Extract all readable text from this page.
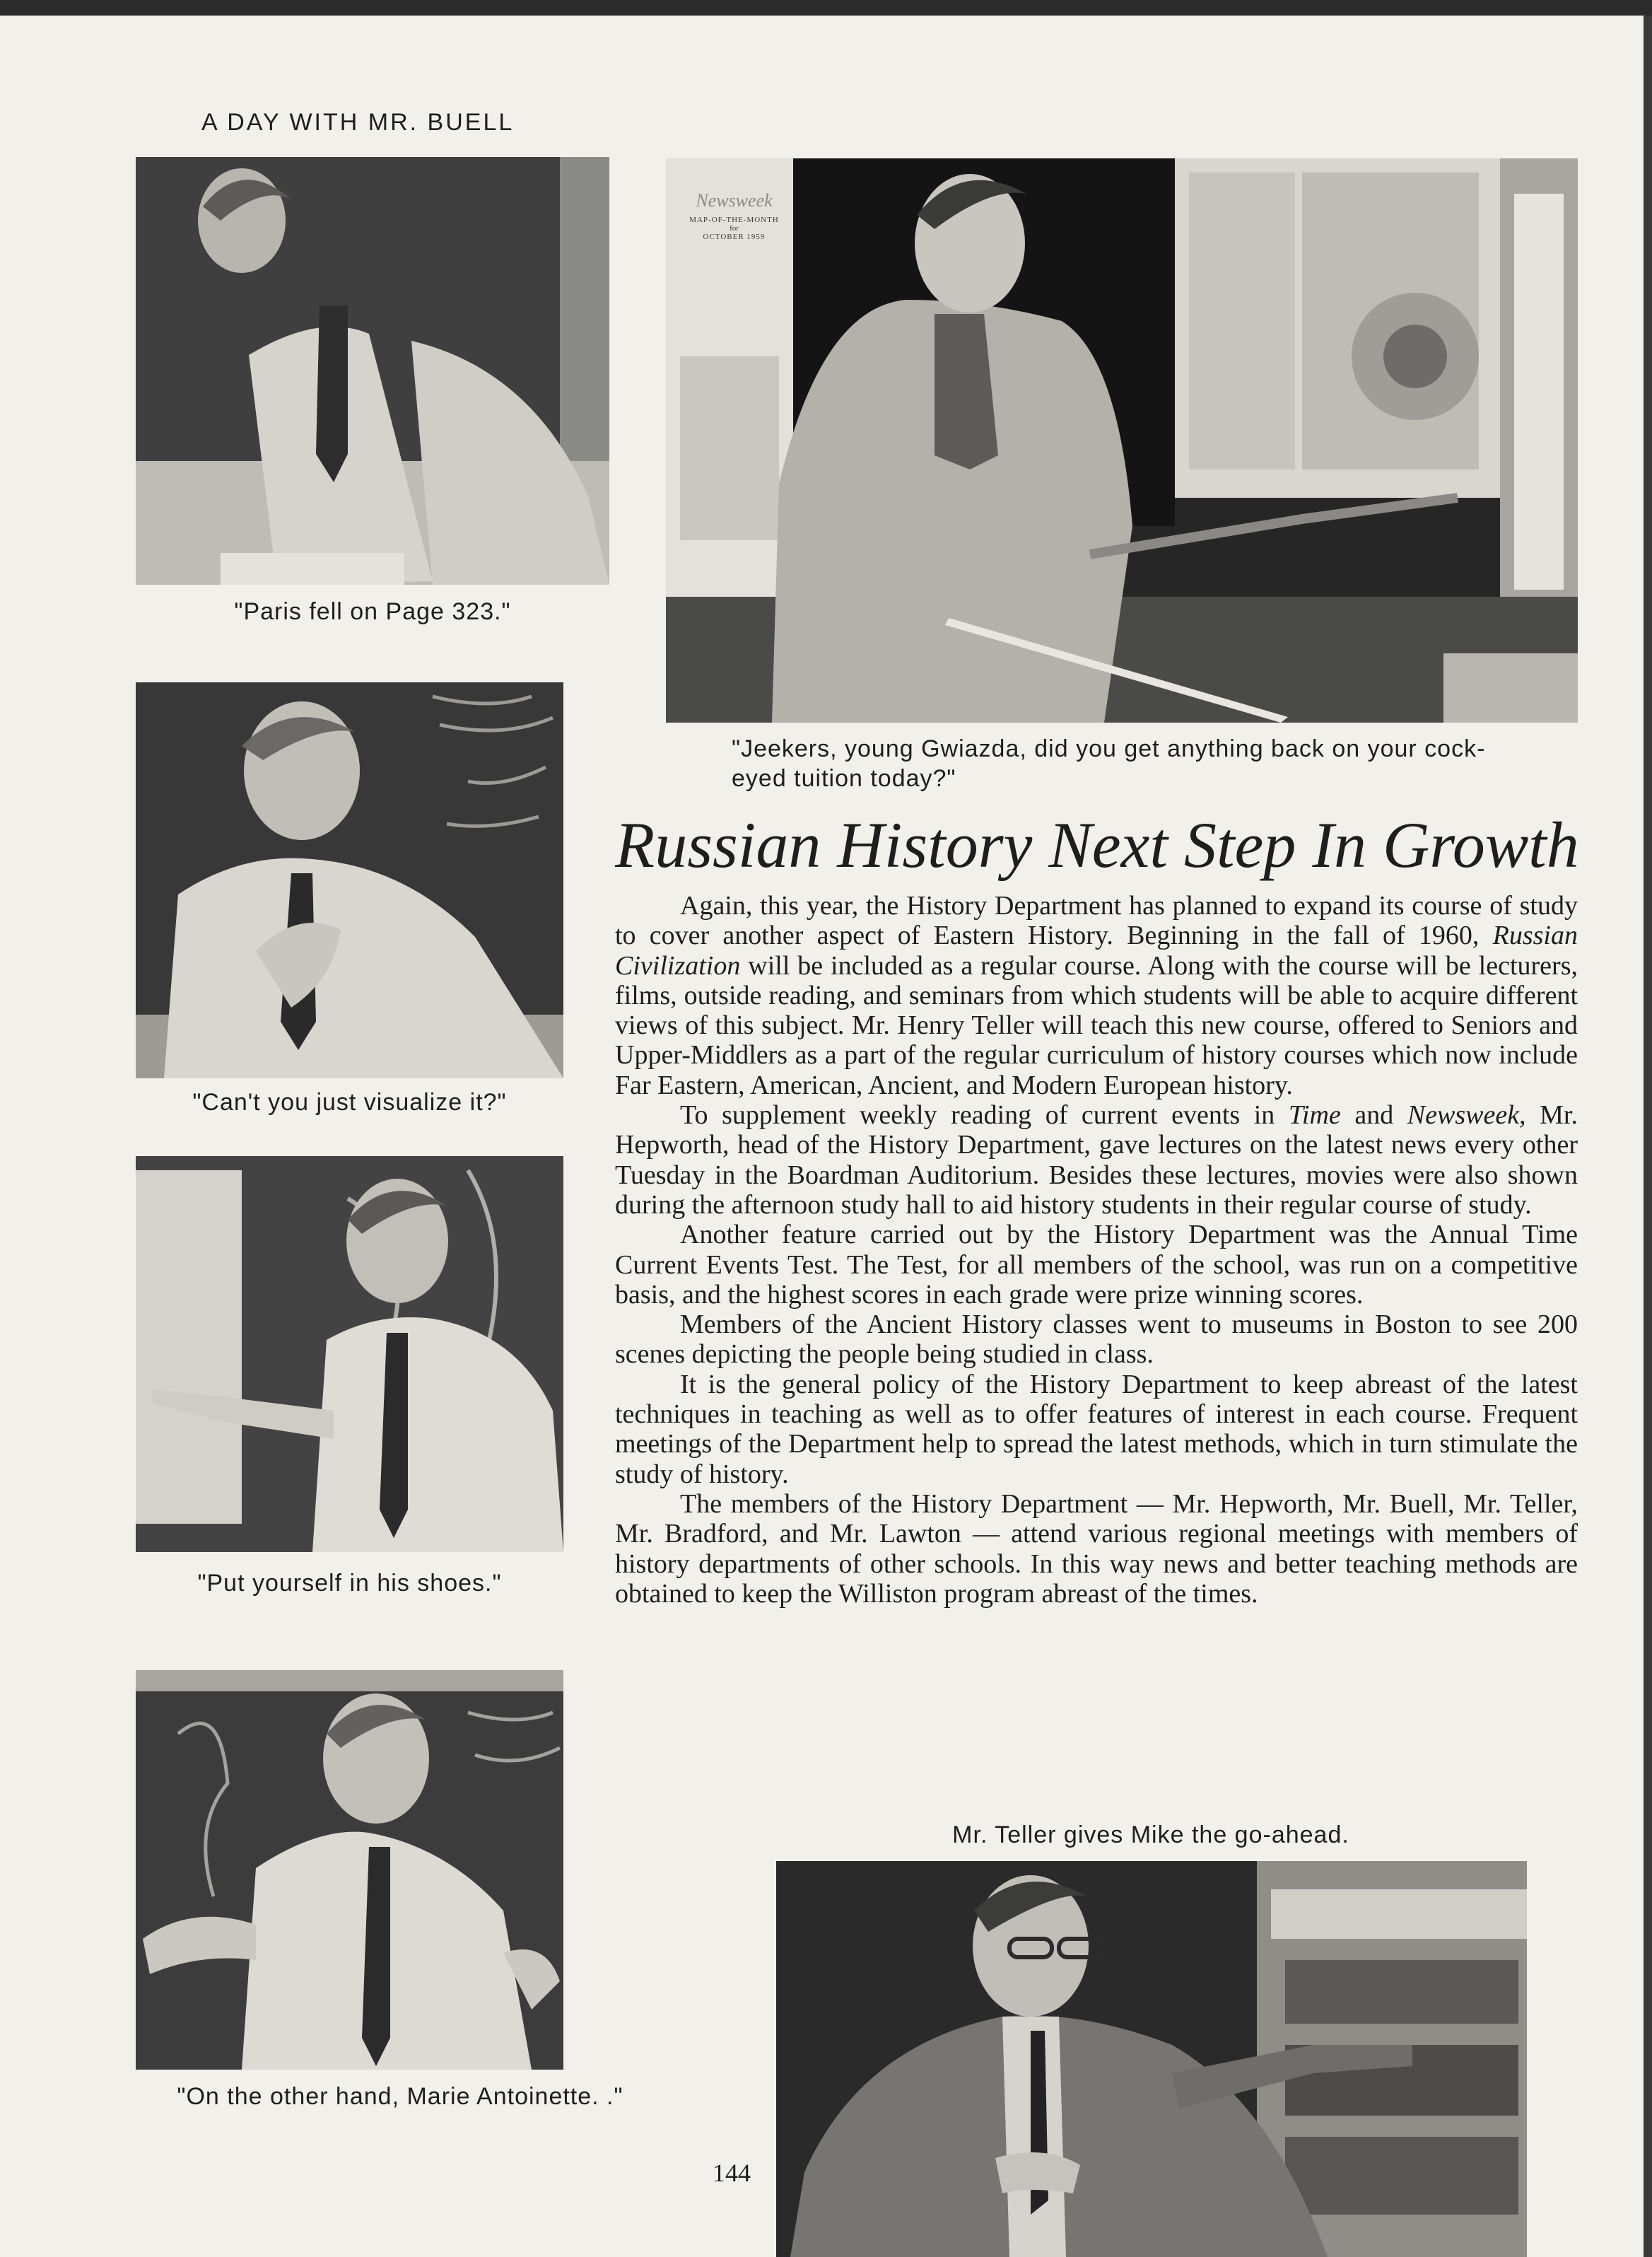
A DAY WITH MR. BUELL
"Paris fell on Page 323."
"Can't you just visualize it?"
"Put yourself in his shoes."
"On the other hand, Marie Antoinette. ."
Newsweek
MAP-OF-THE-MONTH
for
OCTOBER 1959
"Jeekers, young Gwiazda, did you get anything back on your cock-eyed tuition today?"
Russian History Next Step In Growth

Again, this year, the History Department has planned to expand its course of study to cover another aspect of Eastern History. Beginning in the fall of 1960, Russian Civilization will be included as a regular course. Along with the course will be lecturers, films, outside reading, and seminars from which students will be able to acquire different views of this subject. Mr. Henry Teller will teach this new course, offered to Seniors and Upper-Middlers as a part of the regular curriculum of history courses which now include Far Eastern, American, Ancient, and Modern European history.

To supplement weekly reading of current events in Time and Newsweek, Mr. Hepworth, head of the History Department, gave lectures on the latest news every other Tuesday in the Boardman Auditorium. Besides these lectures, movies were also shown during the afternoon study hall to aid history students in their regular course of study.

Another feature carried out by the History Department was the Annual Time Current Events Test. The Test, for all members of the school, was run on a competitive basis, and the highest scores in each grade were prize winning scores.

Members of the Ancient History classes went to museums in Boston to see 200 scenes depicting the people being studied in class.

It is the general policy of the History Department to keep abreast of the latest techniques in teaching as well as to offer features of interest in each course. Frequent meetings of the Department help to spread the latest methods, which in turn stimulate the study of history.

The members of the History Department — Mr. Hepworth, Mr. Buell, Mr. Teller, Mr. Bradford, and Mr. Lawton — attend various regional meetings with members of history departments of other schools. In this way news and better teaching methods are obtained to keep the Williston program abreast of the times.

Mr. Teller gives Mike the go-ahead.
144
